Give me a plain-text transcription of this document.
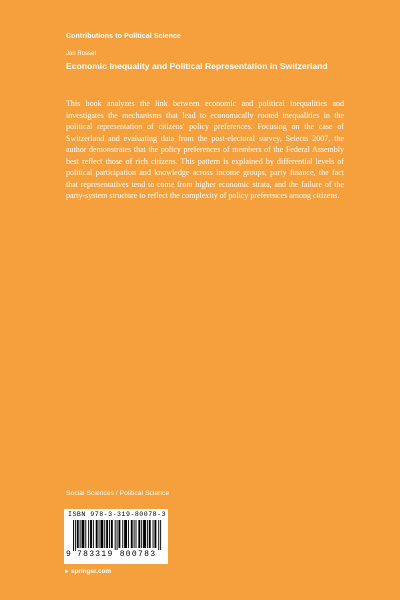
Contributions to Political Science
Jan Rosset
Economic Inequality and Political Representation in Switzerland

This book analyzes the link between economic and political inequalities and investigates the mechanisms that lead to economically rooted inequalities in the political representation of citizens' policy preferences. Focusing on the case of Switzerland and evaluating data from the post-electoral survey, Selects 2007, the author demonstrates that the policy preferences of members of the Federal Assembly best reflect those of rich citizens. This pattern is explained by differential levels of political participation and knowledge across income groups, party finance, the fact that representatives tend to come from higher economic strata, and the failure of the party-system structure to reflect the complexity of policy preferences among citizens.

Social Sciences / Political Science
ISBN 978-3-319-80078-3
9 783319 800783
►springer.com
